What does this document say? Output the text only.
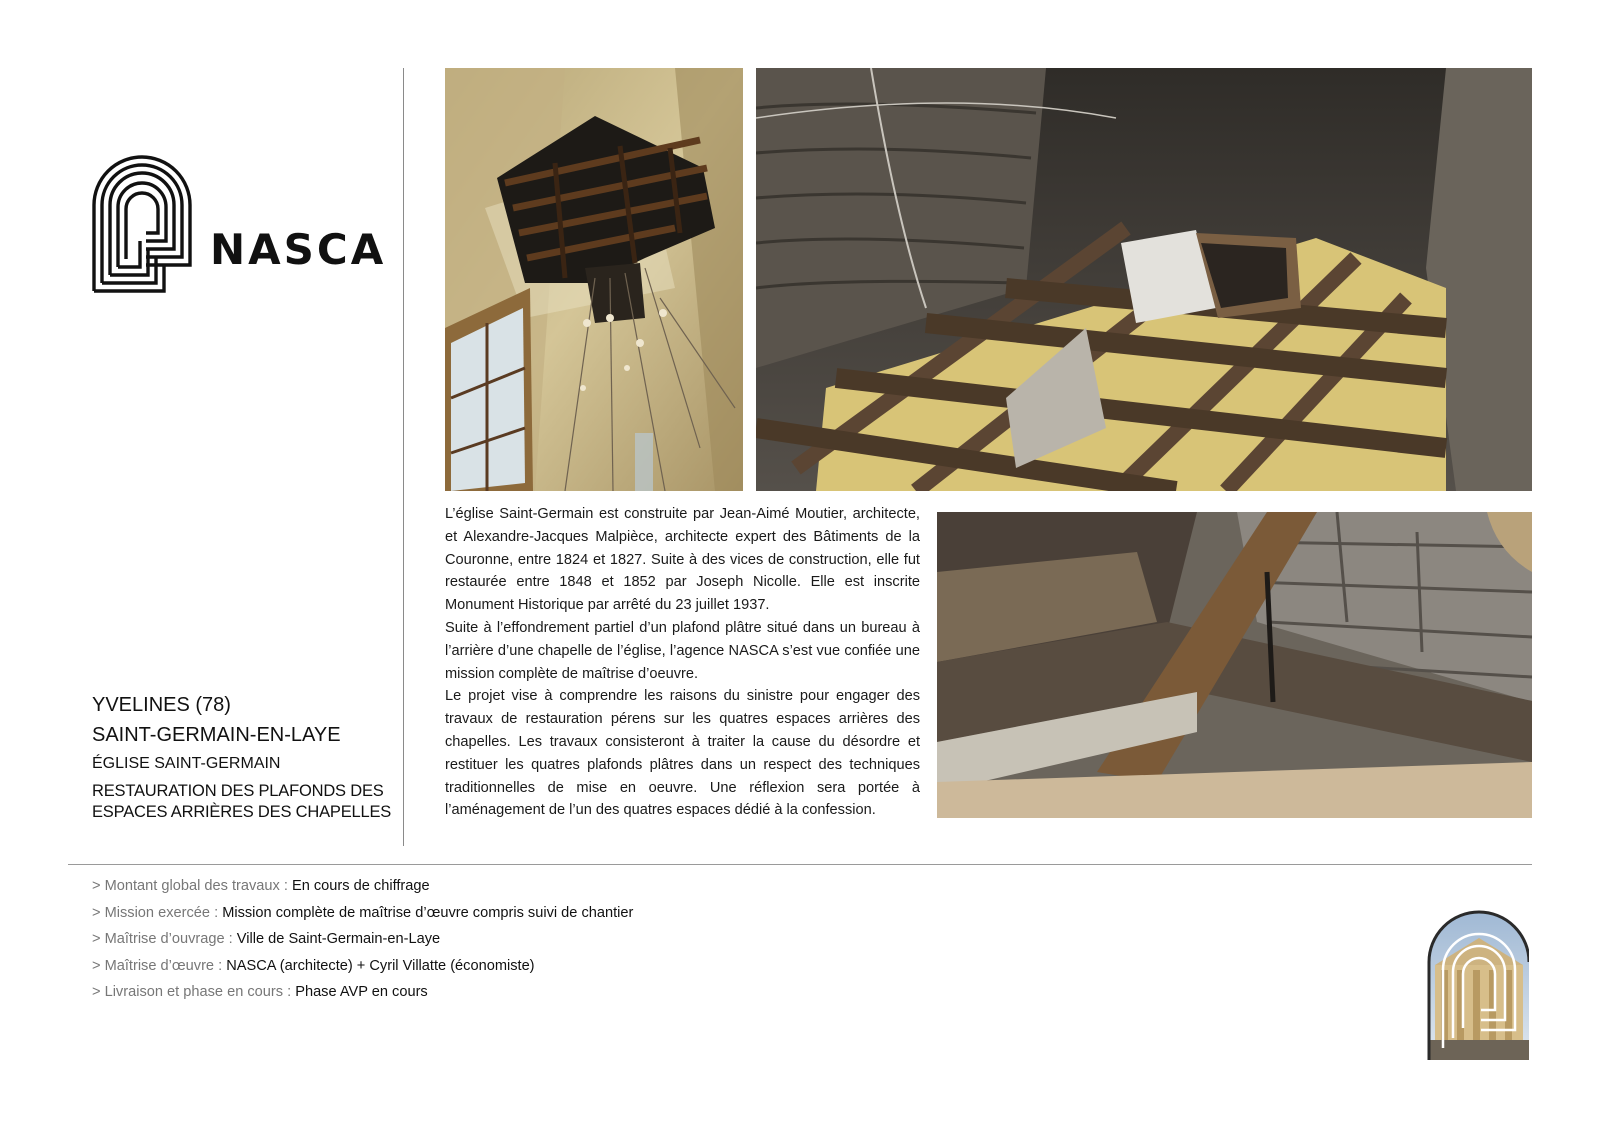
NASCA
YVELINES (78)
SAINT-GERMAIN-EN-LAYE
ÉGLISE SAINT-GERMAIN
RESTAURATION DES PLAFONDS DES ESPACES ARRIÈRES DES CHAPELLES

L’église Saint-Germain est construite par Jean-Aimé Moutier, architecte, et Alexandre-Jacques Malpièce, architecte expert des Bâtiments de la Couronne, entre 1824 et 1827. Suite à des vices de construction, elle fut restaurée entre 1848 et 1852 par Joseph Nicolle. Elle est inscrite Monument Historique par arrêté du 23 juillet 1937.

Suite à l’effondrement partiel d’un plafond plâtre situé dans un bureau à l’arrière d’une chapelle de l’église, l’agence NASCA s’est vue confiée une mission complète de maîtrise d’oeuvre.

Le projet vise à comprendre les raisons du sinistre pour engager des travaux de restauration pérens sur les quatres espaces arrières des chapelles. Les travaux consisteront à traiter la cause du désordre et restituer les quatres plafonds plâtres dans un respect des techniques traditionnelles de mise en oeuvre. Une réflexion sera portée à l’aménagement de l’un des quatres espaces dédié à la confession.

> Montant global des travaux : En cours de chiffrage
> Mission exercée : Mission complète de maîtrise d’œuvre compris suivi de chantier
> Maîtrise d’ouvrage : Ville de Saint-Germain-en-Laye
> Maîtrise d’œuvre : NASCA (architecte) + Cyril Villatte (économiste)
> Livraison et phase en cours : Phase AVP en cours
